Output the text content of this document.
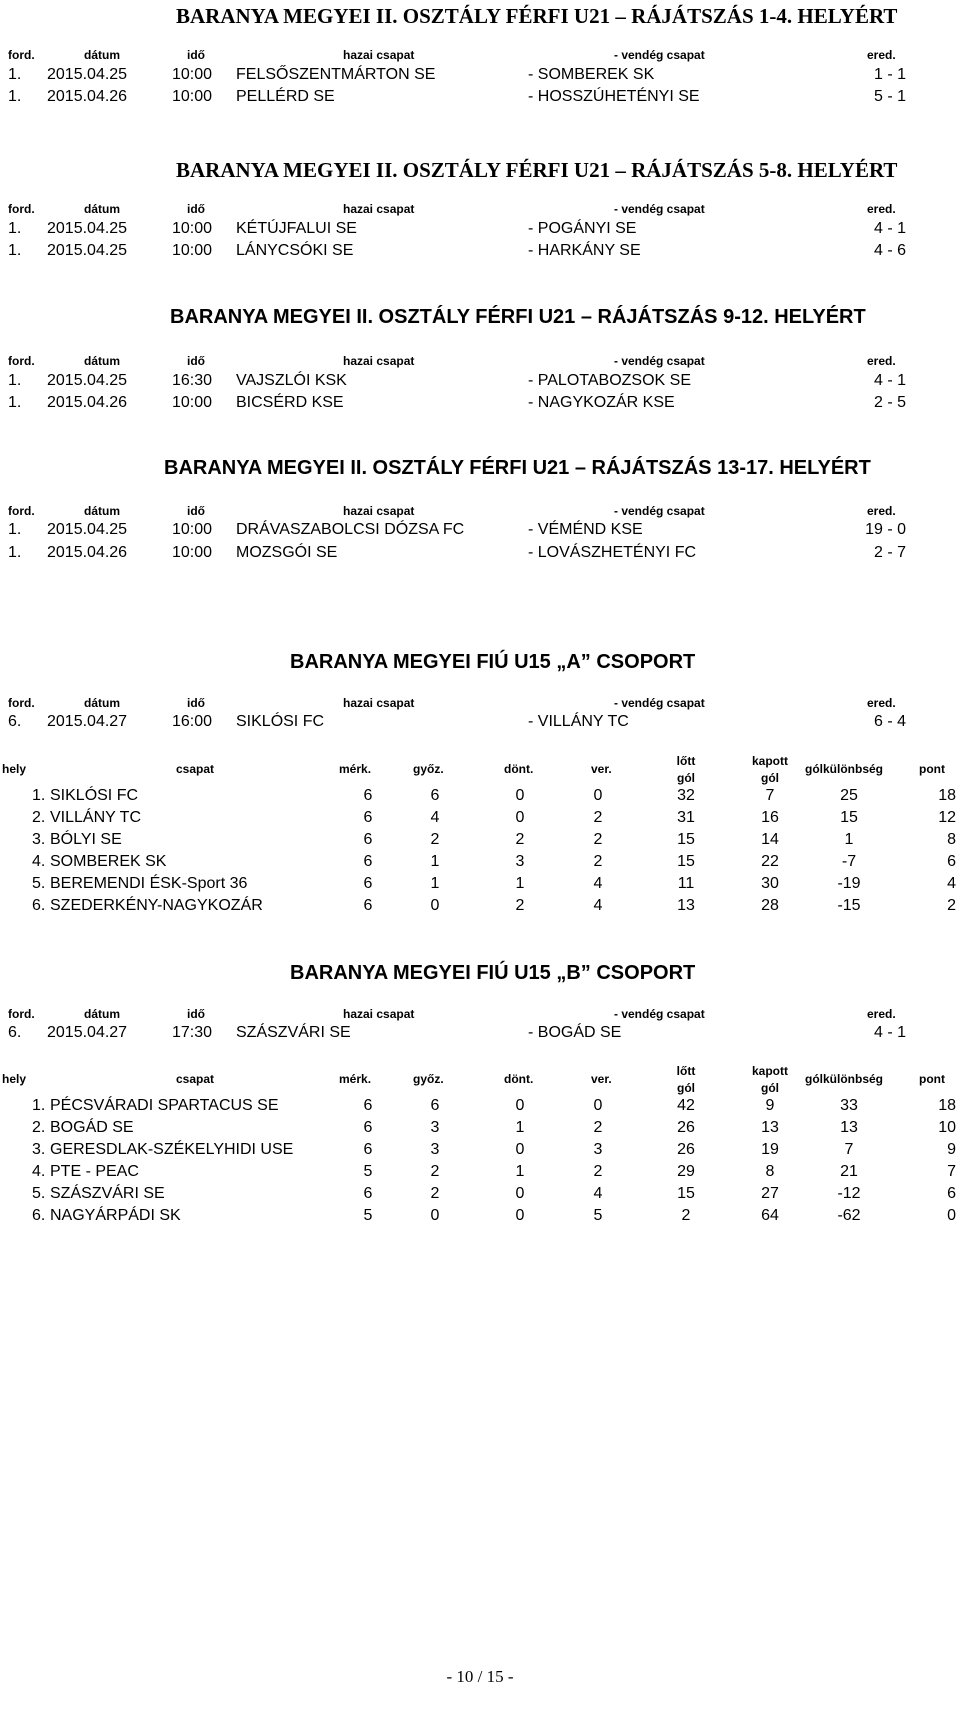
BARANYA MEGYEI II. OSZTÁLY FÉRFI U21 – RÁJÁTSZÁS 1-4. HELYÉRT
ford.	dátum	idő	hazai csapat	- vendég csapat	ered.
1. 2015.04.25	10:00 FELSŐSZENTMÁRTON SE	- SOMBEREK SK	1 - 1
1. 2015.04.26	10:00 PELLÉRD SE	- HOSSZÚHETÉNYI SE	5 - 1
BARANYA MEGYEI II. OSZTÁLY FÉRFI U21 – RÁJÁTSZÁS 5-8. HELYÉRT
ford.	dátum	idő	hazai csapat	- vendég csapat	ered.
1. 2015.04.25	10:00 KÉTÚJFALUI SE	- POGÁNYI SE	4 - 1
1. 2015.04.25	10:00 LÁNYCSÓKI SE	- HARKÁNY SE	4 - 6
BARANYA MEGYEI II. OSZTÁLY FÉRFI U21 – RÁJÁTSZÁS 9-12. HELYÉRT
ford.	dátum	idő	hazai csapat	- vendég csapat	ered.
1. 2015.04.25	16:30 VAJSZLÓI KSK	- PALOTABOZSOK SE	4 - 1
1. 2015.04.26	10:00 BICSÉRD KSE	- NAGYKOZÁR KSE	2 - 5
BARANYA MEGYEI II. OSZTÁLY FÉRFI U21 – RÁJÁTSZÁS 13-17. HELYÉRT
ford.	dátum	idő	hazai csapat	- vendég csapat	ered.
1. 2015.04.25	10:00 DRÁVASZABOLCSI DÓZSA FC	- VÉMÉND KSE	19 - 0
1. 2015.04.26	10:00 MOZSGÓI SE	- LOVÁSZHETÉNYI FC	2 - 7
BARANYA MEGYEI FIÚ U15 „A” CSOPORT
ford.	dátum	idő	hazai csapat	- vendég csapat	ered.
6. 2015.04.27	16:00 SIKLÓSI FC	- VILLÁNY TC	6 - 4
hely	csapat	mérk.	győz.	dönt.	ver.
lőtt
gól
kapott
gól
gólkülönbség	pont
1. SIKLÓSI FC	6	6	0	0	32	7	25	18
2. VILLÁNY TC	6	4	0	2	31	16	15	12
3. BÓLYI SE	6	2	2	2	15	14	1	8
4. SOMBEREK SK	6	1	3	2	15	22	-7	6
5. BEREMENDI ÉSK-Sport 36	6	1	1	4	11	30	-19	4
6. SZEDERKÉNY-NAGYKOZÁR	6	0	2	4	13	28	-15	2
BARANYA MEGYEI FIÚ U15 „B” CSOPORT
ford.	dátum	idő	hazai csapat	- vendég csapat	ered.
6. 2015.04.27	17:30 SZÁSZVÁRI SE	- BOGÁD SE	4 - 1
hely	csapat	mérk.	győz.	dönt.	ver.
lőtt
gól
kapott
gól
gólkülönbség	pont
1. PÉCSVÁRADI SPARTACUS SE	6	6	0	0	42	9	33	18
2. BOGÁD SE	6	3	1	2	26	13	13	10
3. GERESDLAK-SZÉKELYHIDI USE	6	3	0	3	26	19	7	9
4. PTE - PEAC	5	2	1	2	29	8	21	7
5. SZÁSZVÁRI SE	6	2	0	4	15	27	-12	6
6. NAGYÁRPÁDI SK	5	0	0	5	2	64	-62	0
- 10 / 15 -
